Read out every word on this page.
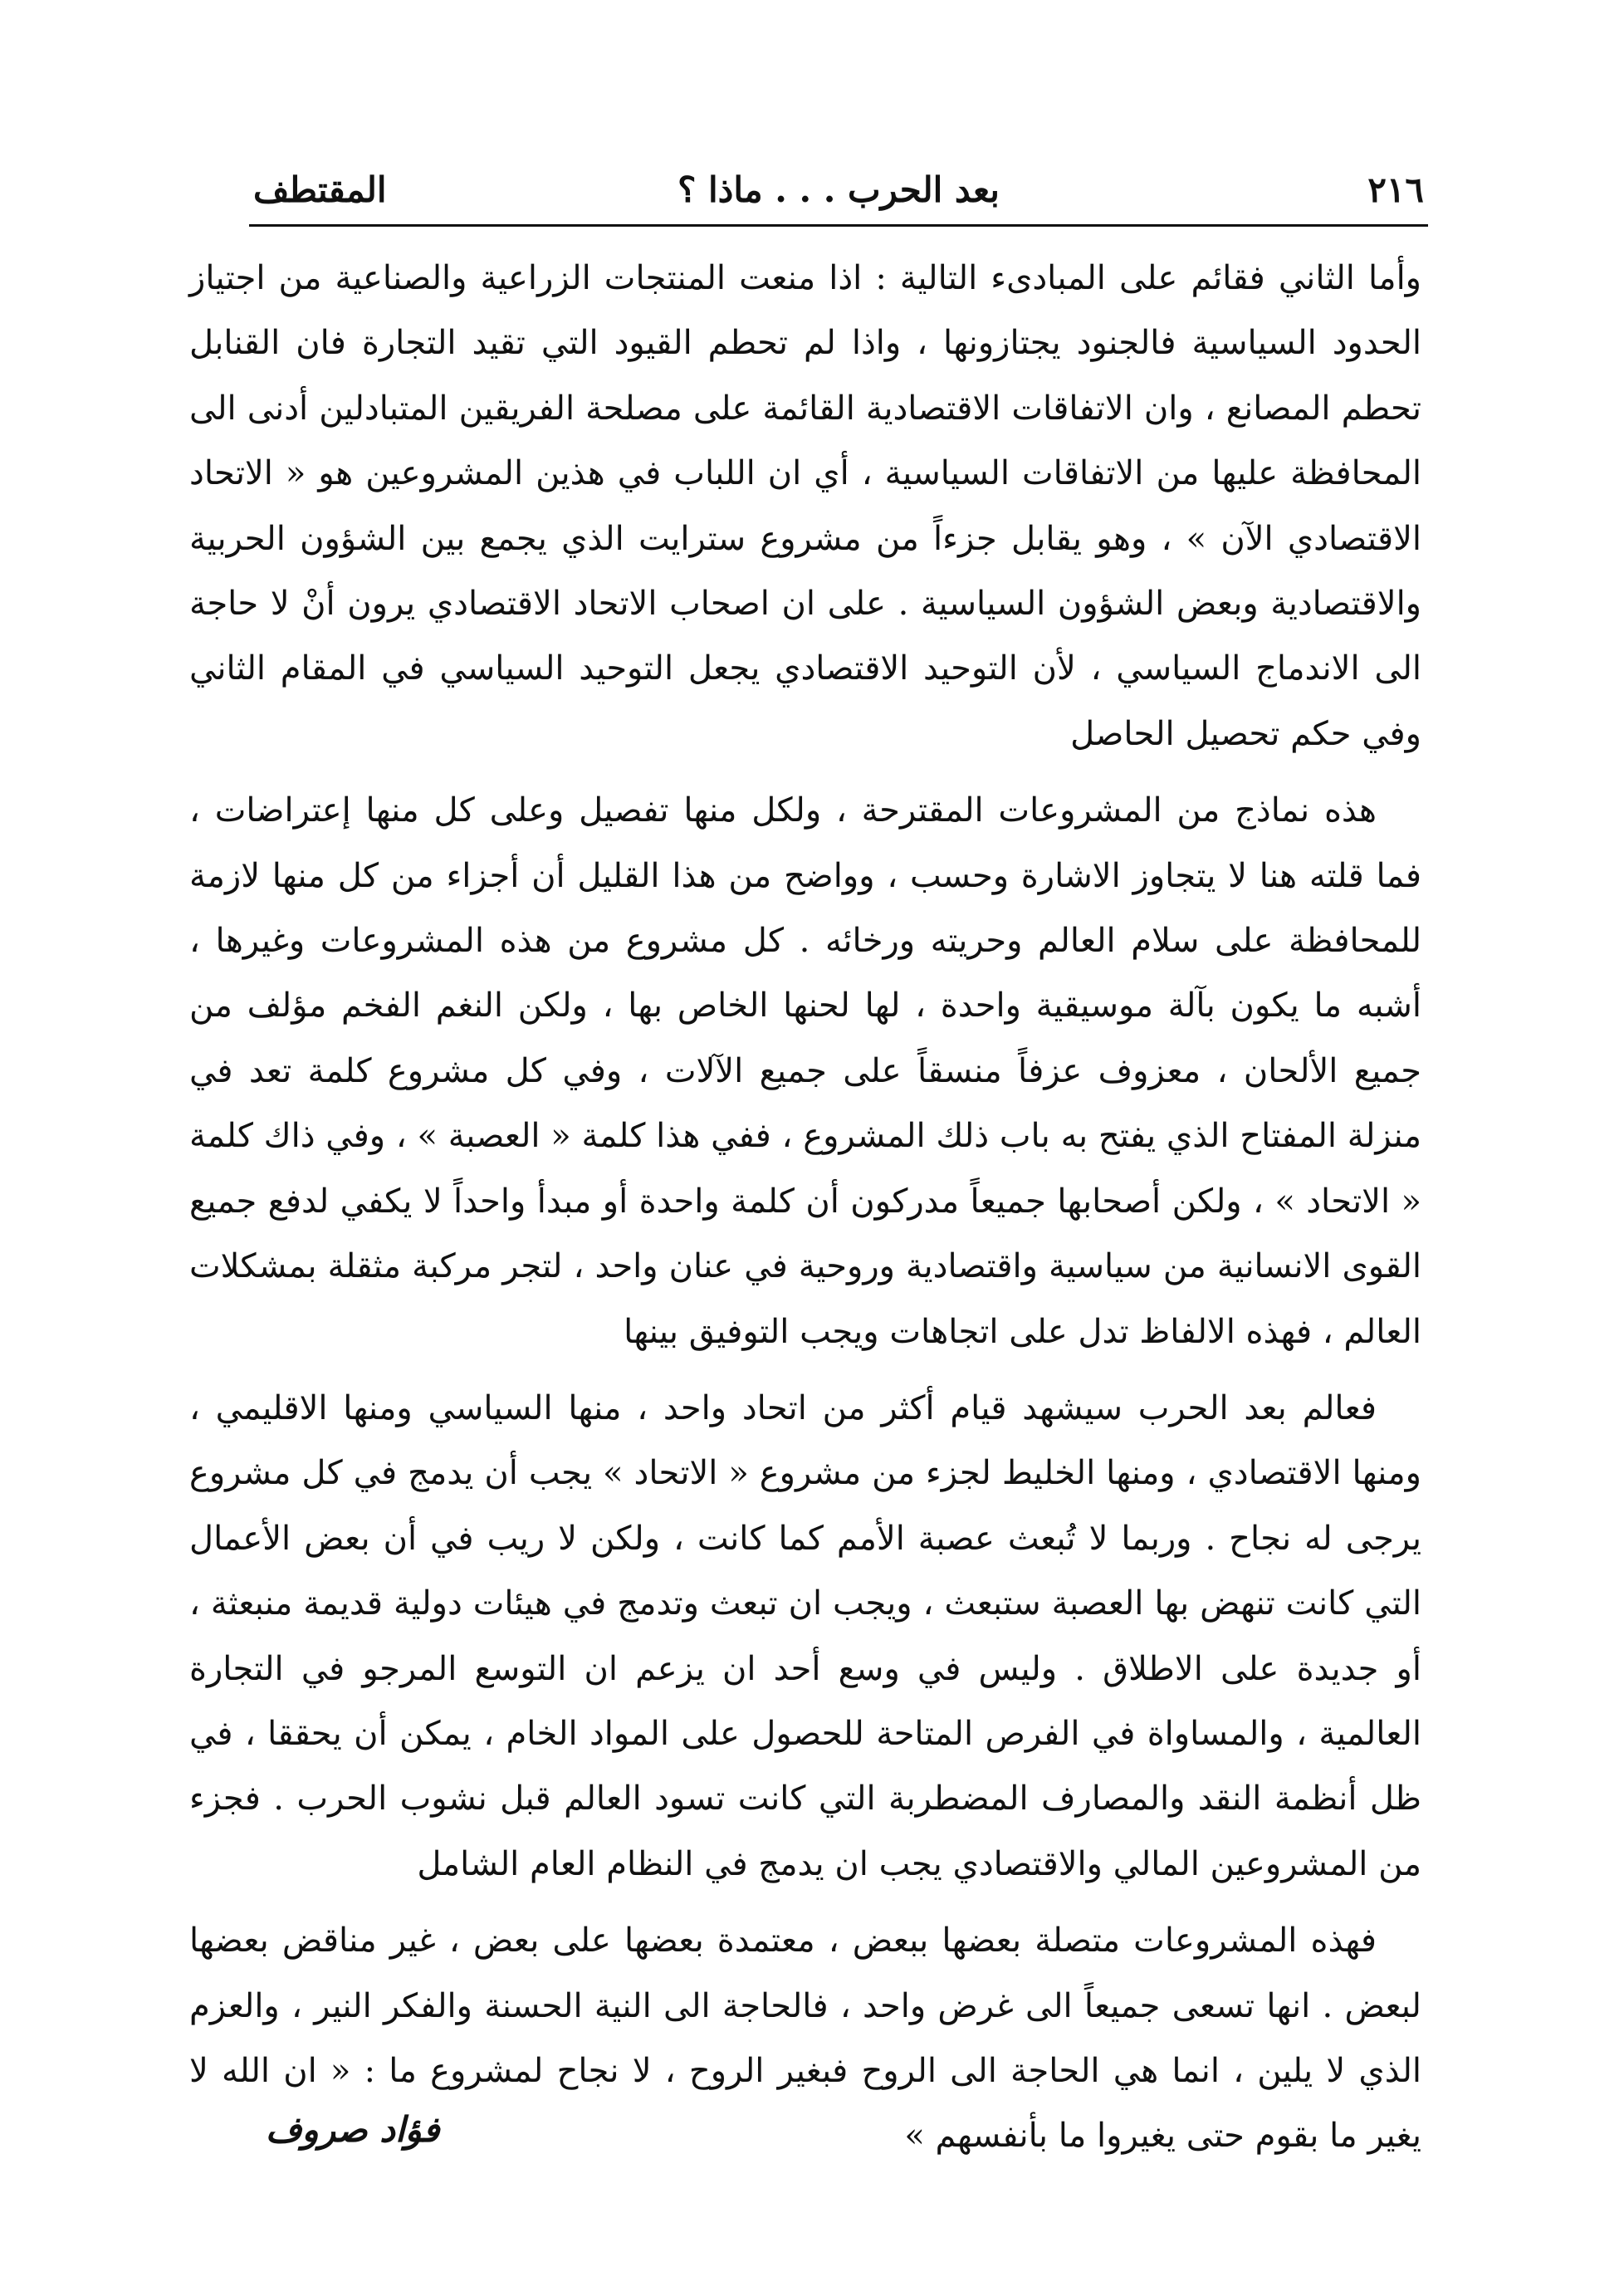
المقتطف	بعد الحرب . . . ماذا ؟	٢١٦

وأما الثاني فقائم على المبادىء التالية : اذا منعت المنتجات الزراعية والصناعية من اجتياز الحدود السياسية فالجنود يجتازونها ، واذا لم تحطم القيود التي تقيد التجارة فان القنابل تحطم المصانع ، وان الاتفاقات الاقتصادية القائمة على مصلحة الفريقين المتبادلين أدنى الى المحافظة عليها من الاتفاقات السياسية ، أي ان اللباب في هذين المشروعين هو « الاتحاد الاقتصادي الآن » ، وهو يقابل جزءاً من مشروع سترايت الذي يجمع بين الشؤون الحربية والاقتصادية وبعض الشؤون السياسية . على ان اصحاب الاتحاد الاقتصادي يرون أنْ لا حاجة الى الاندماج السياسي ، لأن التوحيد الاقتصادي يجعل التوحيد السياسي في المقام الثاني وفي حكم تحصيل الحاصل

هذه نماذج من المشروعات المقترحة ، ولكل منها تفصيل وعلى كل منها إعتراضات ، فما قلته هنا لا يتجاوز الاشارة وحسب ، وواضح من هذا القليل أن أجزاء من كل منها لازمة للمحافظة على سلام العالم وحريته ورخائه . كل مشروع من هذه المشروعات وغيرها ، أشبه ما يكون بآلة موسيقية واحدة ، لها لحنها الخاص بها ، ولكن النغم الفخم مؤلف من جميع الألحان ، معزوف عزفاً منسقاً على جميع الآلات ، وفي كل مشروع كلمة تعد في منزلة المفتاح الذي يفتح به باب ذلك المشروع ، ففي هذا كلمة « العصبة » ، وفي ذاك كلمة « الاتحاد » ، ولكن أصحابها جميعاً مدركون أن كلمة واحدة أو مبدأ واحداً لا يكفي لدفع جميع القوى الانسانية من سياسية واقتصادية وروحية في عنان واحد ، لتجر مركبة مثقلة بمشكلات العالم ، فهذه الالفاظ تدل على اتجاهات ويجب التوفيق بينها

فعالم بعد الحرب سيشهد قيام أكثر من اتحاد واحد ، منها السياسي ومنها الاقليمي ، ومنها الاقتصادي ، ومنها الخليط لجزء من مشروع « الاتحاد » يجب أن يدمج في كل مشروع يرجى له نجاح . وربما لا تُبعث عصبة الأمم كما كانت ، ولكن لا ريب في أن بعض الأعمال التي كانت تنهض بها العصبة ستبعث ، ويجب ان تبعث وتدمج في هيئات دولية قديمة منبعثة ، أو جديدة على الاطلاق . وليس في وسع أحد ان يزعم ان التوسع المرجو في التجارة العالمية ، والمساواة في الفرص المتاحة للحصول على المواد الخام ، يمكن أن يحققا ، في ظل أنظمة النقد والمصارف المضطربة التي كانت تسود العالم قبل نشوب الحرب . فجزء من المشروعين المالي والاقتصادي يجب ان يدمج في النظام العام الشامل

فهذه المشروعات متصلة بعضها ببعض ، معتمدة بعضها على بعض ، غير مناقض بعضها لبعض . انها تسعى جميعاً الى غرض واحد ، فالحاجة الى النية الحسنة والفكر النير ، والعزم الذي لا يلين ، انما هي الحاجة الى الروح فبغير الروح ، لا نجاح لمشروع ما : « ان الله لا يغير ما بقوم حتى يغيروا ما بأنفسهم »

فؤاد صروف
